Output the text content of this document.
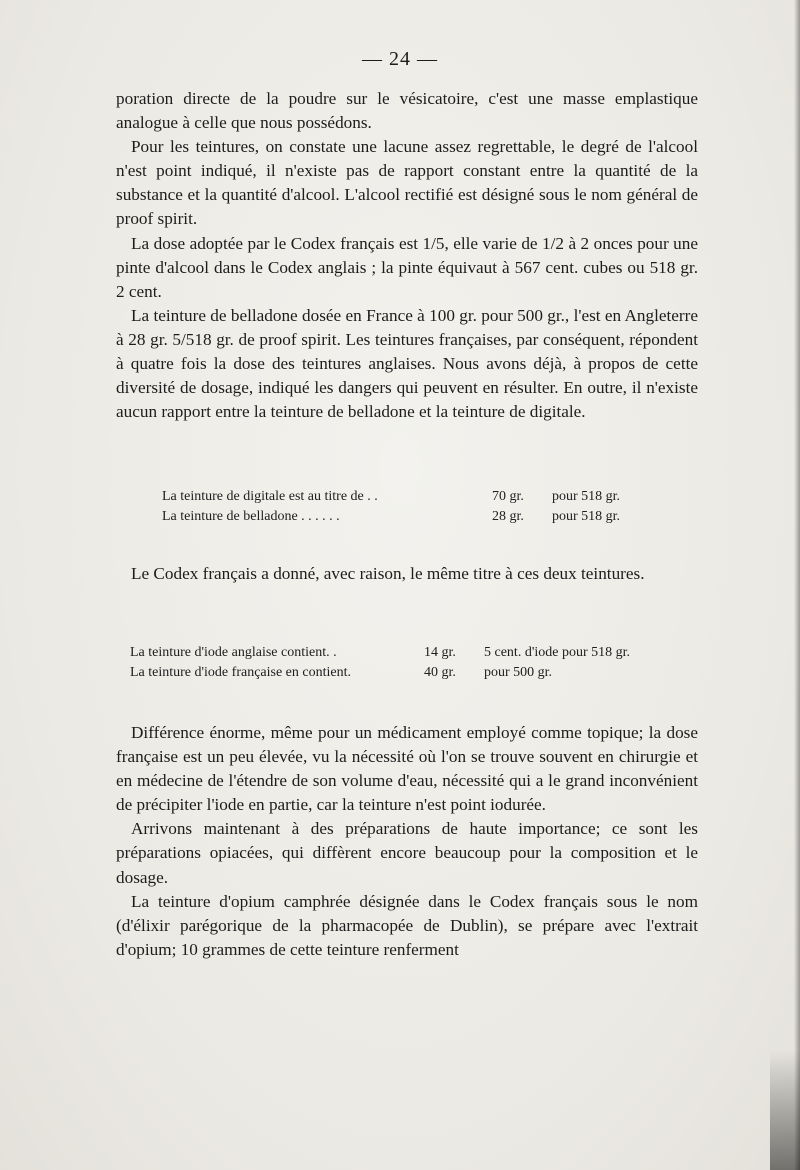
— 24 —

poration directe de la poudre sur le vésicatoire, c'est une masse emplastique analogue à celle que nous possédons.

Pour les teintures, on constate une lacune assez regrettable, le degré de l'alcool n'est point indiqué, il n'existe pas de rapport constant entre la quantité de la substance et la quantité d'alcool. L'alcool rectifié est désigné sous le nom général de proof spirit.

La dose adoptée par le Codex français est 1/5, elle varie de 1/2 à 2 onces pour une pinte d'alcool dans le Codex anglais ; la pinte équivaut à 567 cent. cubes ou 518 gr. 2 cent.

La teinture de belladone dosée en France à 100 gr. pour 500 gr., l'est en Angleterre à 28 gr. 5/518 gr. de proof spirit. Les teintures françaises, par conséquent, répondent à quatre fois la dose des teintures anglaises. Nous avons déjà, à propos de cette diversité de dosage, indiqué les dangers qui peuvent en résulter. En outre, il n'existe aucun rapport entre la teinture de belladone et la teinture de digitale.

La teinture de digitale est au titre de . .	70 gr.	pour 518 gr.
La teinture de belladone . . . . . .	28 gr.	pour 518 gr.

Le Codex français a donné, avec raison, le même titre à ces deux teintures.

La teinture d'iode anglaise contient. .	14 gr.	5 cent. d'iode pour 518 gr.
La teinture d'iode française en contient.	40 gr.	pour 500 gr.

Différence énorme, même pour un médicament employé comme topique; la dose française est un peu élevée, vu la nécessité où l'on se trouve souvent en chirurgie et en médecine de l'étendre de son volume d'eau, nécessité qui a le grand inconvénient de précipiter l'iode en partie, car la teinture n'est point iodurée.

Arrivons maintenant à des préparations de haute importance; ce sont les préparations opiacées, qui diffèrent encore beaucoup pour la composition et le dosage.

La teinture d'opium camphrée désignée dans le Codex français sous le nom (d'élixir parégorique de la pharmacopée de Dublin), se prépare avec l'extrait d'opium; 10 grammes de cette teinture renferment
